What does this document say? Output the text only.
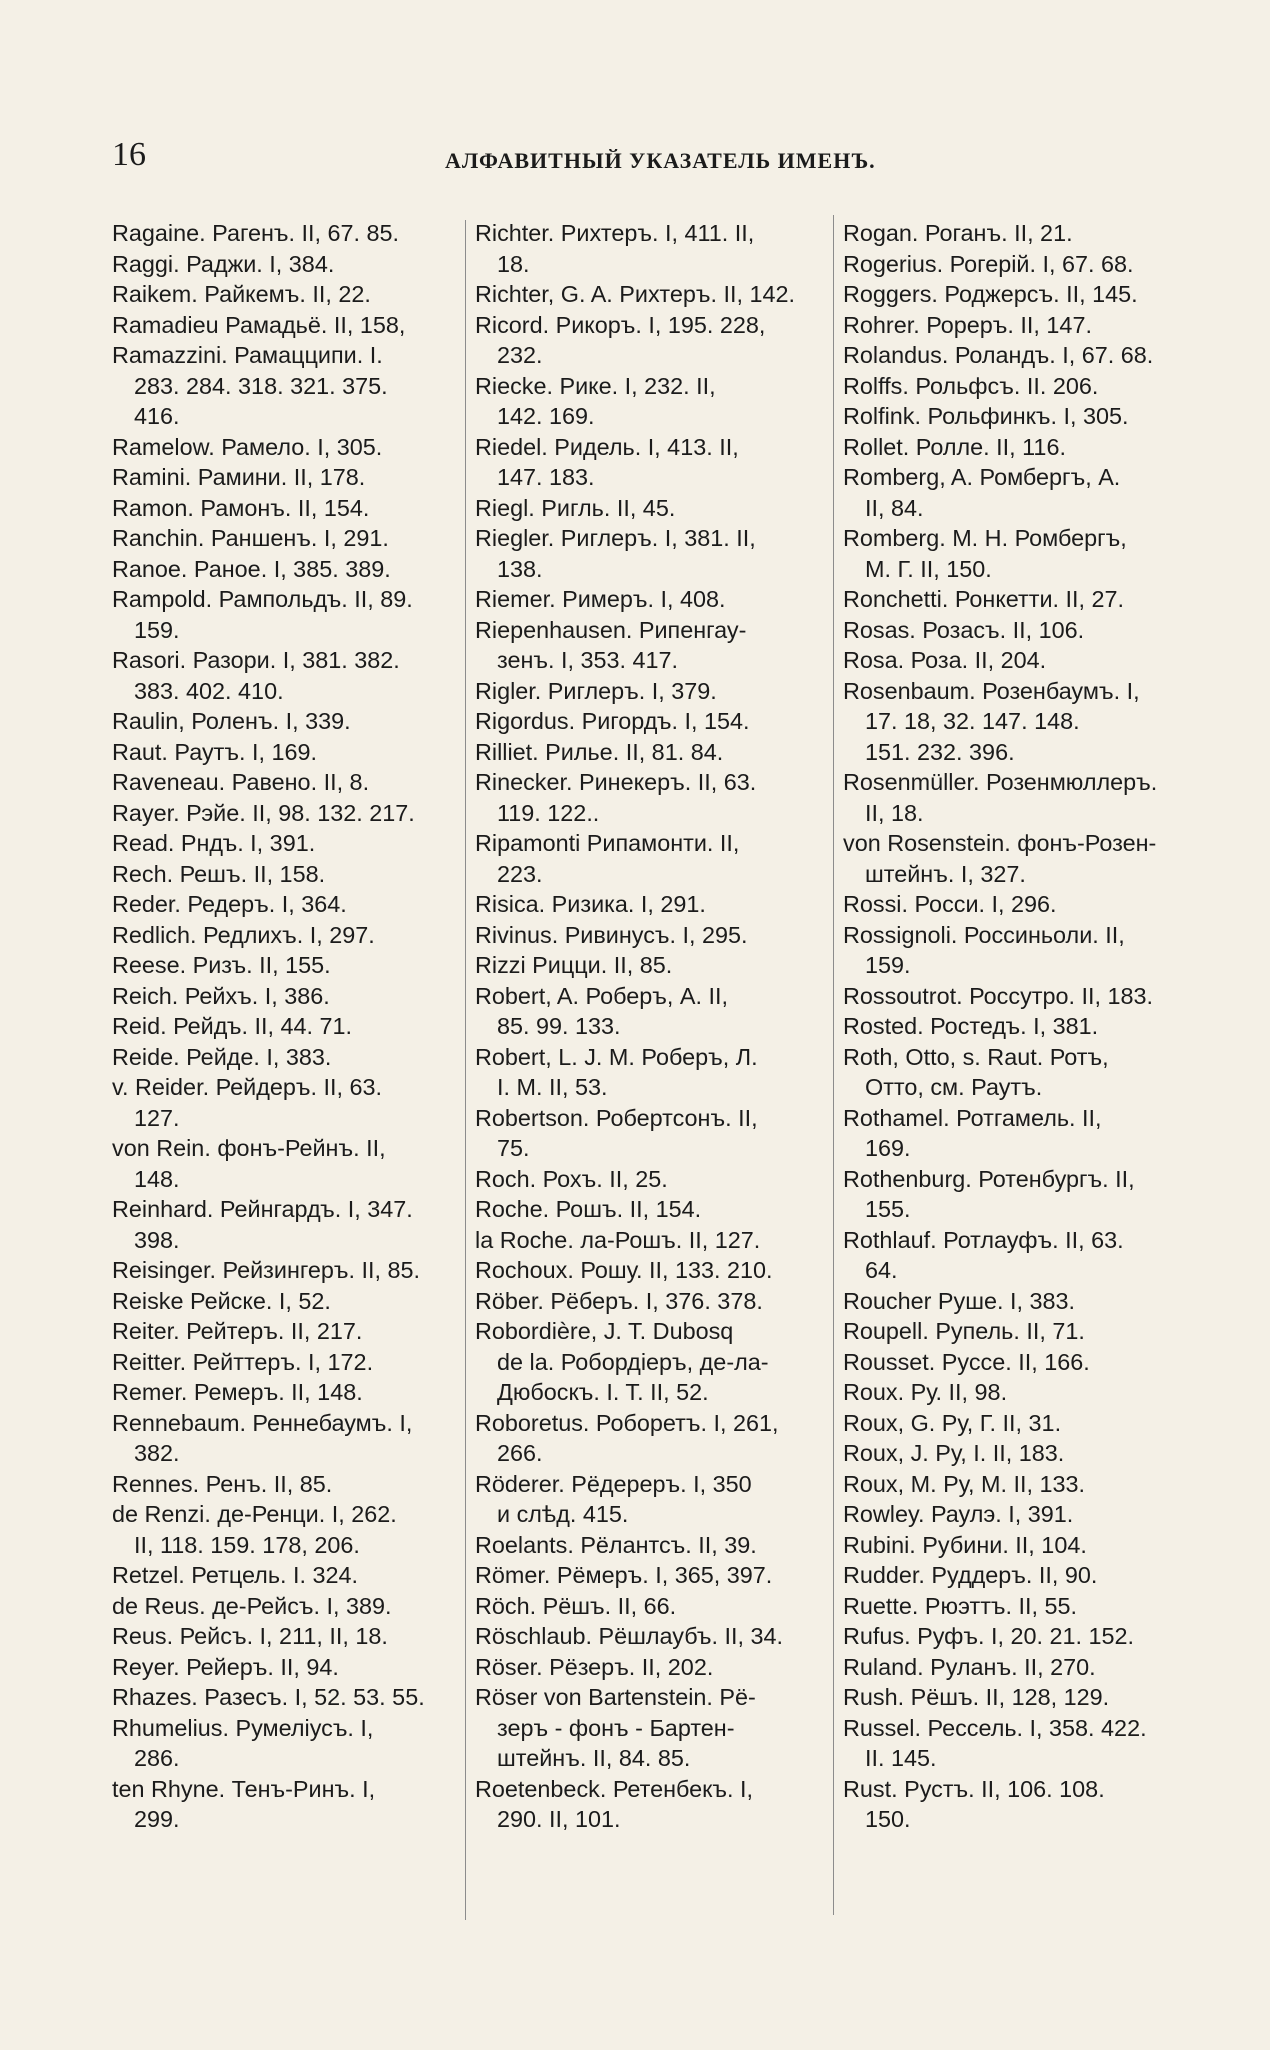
16	АЛФАВИТНЫЙ УКАЗАТЕЛЬ ИМЕНЪ.
Ragaine. Рагенъ. II, 67. 85.
Raggi. Раджи. I, 384.
Raikem. Райкемъ. II, 22.
Ramadieu Рамадьё. II, 158,
Ramazzini. Рамацципи. I.
283. 284. 318. 321. 375.
416.
Ramelow. Рамело. I, 305.
Ramini. Рамини. II, 178.
Ramon. Рамонъ. II, 154.
Ranchin. Раншенъ. I, 291.
Ranoe. Раное. I, 385. 389.
Rampold. Рампольдъ. II, 89.
159.
Rasori. Разори. I, 381. 382.
383. 402. 410.
Raulin, Роленъ. I, 339.
Raut. Раутъ. I, 169.
Raveneau. Равено. II, 8.
Rayer. Рэйе. II, 98. 132. 217.
Read. Рндъ. I, 391.
Rech. Решъ. II, 158.
Reder. Редеръ. I, 364.
Redlich. Редлихъ. I, 297.
Reese. Ризъ. II, 155.
Reich. Рейхъ. I, 386.
Reid. Рейдъ. II, 44. 71.
Reide. Рейде. I, 383.
v. Reider. Рейдеръ. II, 63.
127.
von Rein. фонъ-Рейнъ. II,
148.
Reinhard. Рейнгардъ. I, 347.
398.
Reisinger. Рейзингеръ. II, 85.
Reiske Рейске. I, 52.
Reiter. Рейтеръ. II, 217.
Reitter. Рейттеръ. I, 172.
Remer. Ремеръ. II, 148.
Rennebaum. Реннебаумъ. I,
382.
Rennes. Ренъ. II, 85.
de Renzi. де-Ренци. I, 262.
II, 118. 159. 178, 206.
Retzel. Ретцель. I. 324.
de Reus. де-Рейсъ. I, 389.
Reus. Рейсъ. I, 211, II, 18.
Reyer. Рейеръ. II, 94.
Rhazes. Разесъ. I, 52. 53. 55.
Rhumelius. Румеліусъ. I,
286.
ten Rhyne. Тенъ-Ринъ. I,
299.
Richter. Рихтеръ. I, 411. II,
18.
Richter, G. A. Рихтеръ. II, 142.
Ricord. Рикоръ. I, 195. 228,
232.
Riecke. Рике. I, 232. II,
142. 169.
Riedel. Ридель. I, 413. II,
147. 183.
Riegl. Ригль. II, 45.
Riegler. Риглеръ. I, 381. II,
138.
Riemer. Римеръ. I, 408.
Riepenhausen. Рипенгау-
зенъ. I, 353. 417.
Rigler. Риглеръ. I, 379.
Rigordus. Ригордъ. I, 154.
Rilliet. Рилье. II, 81. 84.
Rinecker. Ринекеръ. II, 63.
119. 122..
Ripamonti Рипамонти. II,
223.
Risica. Ризика. I, 291.
Rivinus. Ривинусъ. I, 295.
Rizzi Рицци. II, 85.
Robert, A. Роберъ, А. II,
85. 99. 133.
Robert, L. J. M. Роберъ, Л.
I. M. II, 53.
Robertson. Робертсонъ. II,
75.
Roch. Рохъ. II, 25.
Roche. Рошъ. II, 154.
la Roche. ла-Рошъ. II, 127.
Rochoux. Рошу. II, 133. 210.
Röber. Рёберъ. I, 376. 378.
Robordière, J. T. Dubosq
de la. Робордіеръ, де-ла-
Дюбоскъ. I. T. II, 52.
Roboretus. Роборетъ. I, 261,
266.
Röderer. Рёдереръ. I, 350
и слѣд. 415.
Roelants. Рёлантсъ. II, 39.
Römer. Рёмеръ. I, 365, 397.
Röch. Рёшъ. II, 66.
Röschlaub. Рёшлаубъ. II, 34.
Röser. Рёзеръ. II, 202.
Röser von Bartenstein. Рё-
зеръ - фонъ - Бартен-
штейнъ. II, 84. 85.
Roetenbeck. Ретенбекъ. I,
290. II, 101.
Rogan. Роганъ. II, 21.
Rogerius. Рогерій. I, 67. 68.
Roggers. Роджерсъ. II, 145.
Rohrer. Рореръ. II, 147.
Rolandus. Роландъ. I, 67. 68.
Rolffs. Рольфсъ. II. 206.
Rolfink. Рольфинкъ. I, 305.
Rollet. Ролле. II, 116.
Romberg, A. Ромбергъ, А.
II, 84.
Romberg. M. H. Ромбергъ,
М. Г. II, 150.
Ronchetti. Ронкетти. II, 27.
Rosas. Розасъ. II, 106.
Rosa. Роза. II, 204.
Rosenbaum. Розенбаумъ. I,
17. 18, 32. 147. 148.
151. 232. 396.
Rosenmüller. Розенмюллеръ.
II, 18.
von Rosenstein. фонъ-Розен-
штейнъ. I, 327.
Rossi. Росси. I, 296.
Rossignoli. Россиньоли. II,
159.
Rossoutrot. Россутро. II, 183.
Rosted. Ростедъ. I, 381.
Roth, Otto, s. Raut. Ротъ,
Отто, см. Раутъ.
Rothamel. Ротгамель. II,
169.
Rothenburg. Ротенбургъ. II,
155.
Rothlauf. Ротлауфъ. II, 63.
64.
Roucher Руше. I, 383.
Roupell. Рупель. II, 71.
Rousset. Руссе. II, 166.
Roux. Ру. II, 98.
Roux, G. Ру, Г. II, 31.
Roux, J. Ру, I. II, 183.
Roux, M. Ру, М. II, 133.
Rowley. Раулэ. I, 391.
Rubini. Рубини. II, 104.
Rudder. Руддеръ. II, 90.
Ruette. Рюэттъ. II, 55.
Rufus. Руфъ. I, 20. 21. 152.
Ruland. Руланъ. II, 270.
Rush. Рёшъ. II, 128, 129.
Russel. Рессель. I, 358. 422.
II. 145.
Rust. Рустъ. II, 106. 108.
150.
